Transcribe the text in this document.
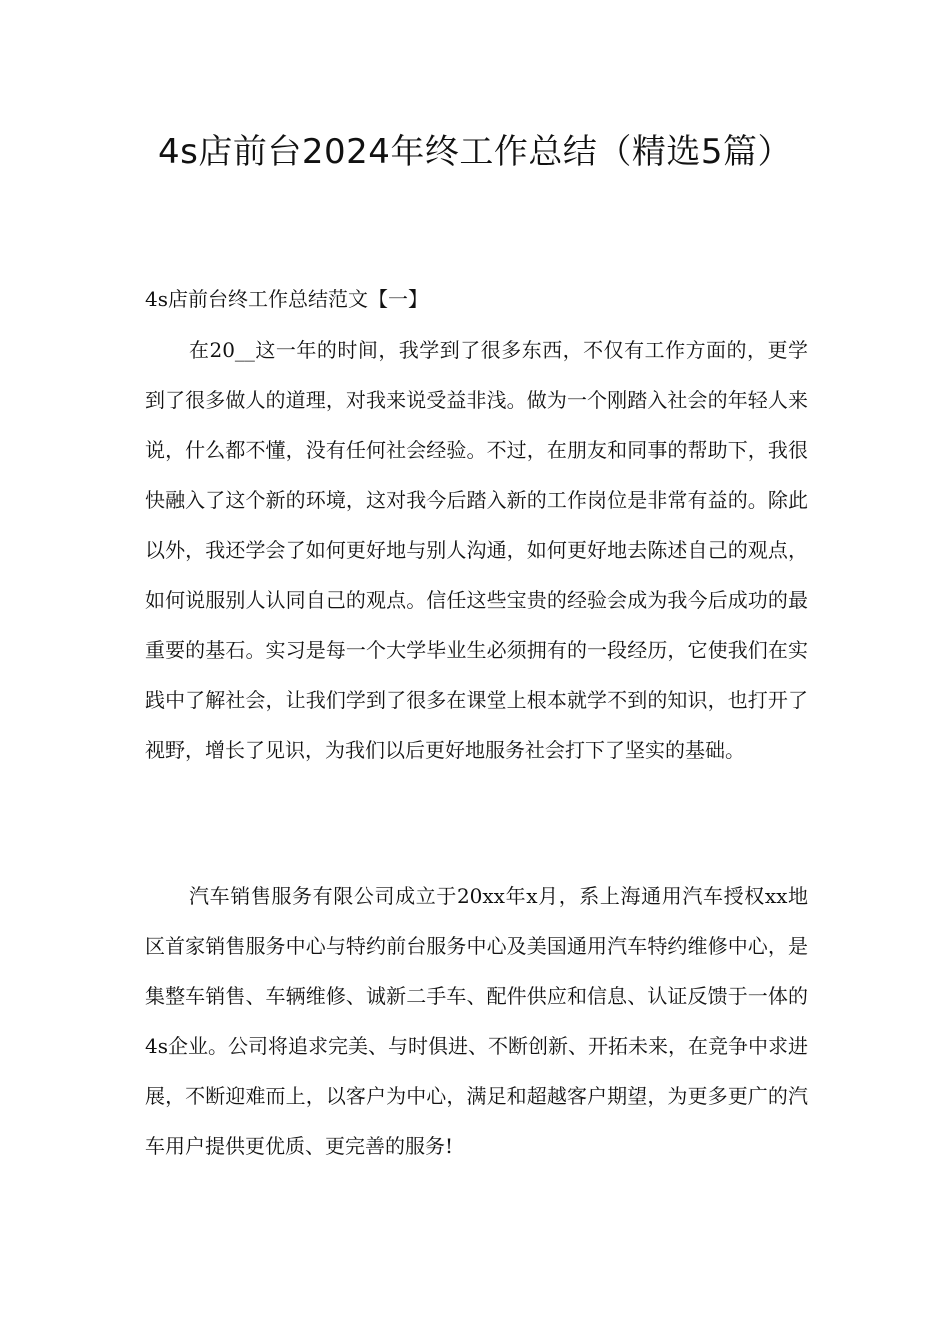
4s店前台2024年终工作总结（精选5篇）

4s店前台终工作总结范文【一】

在20__这一年的时间，我学到了很多东西，不仅有工作方面的，更学到了很多做人的道理，对我来说受益非浅。做为一个刚踏入社会的年轻人来说，什么都不懂，没有任何社会经验。不过，在朋友和同事的帮助下，我很快融入了这个新的环境，这对我今后踏入新的工作岗位是非常有益的。除此以外，我还学会了如何更好地与别人沟通，如何更好地去陈述自己的观点，如何说服别人认同自己的观点。信任这些宝贵的经验会成为我今后成功的最重要的基石。实习是每一个大学毕业生必须拥有的一段经历，它使我们在实践中了解社会，让我们学到了很多在课堂上根本就学不到的知识，也打开了视野，增长了见识，为我们以后更好地服务社会打下了坚实的基础。

汽车销售服务有限公司成立于20xx年x月，系上海通用汽车授权xx地区首家销售服务中心与特约前台服务中心及美国通用汽车特约维修中心，是集整车销售、车辆维修、诚新二手车、配件供应和信息、认证反馈于一体的4s企业。公司将追求完美、与时俱进、不断创新、开拓未来，在竞争中求进展，不断迎难而上，以客户为中心，满足和超越客户期望，为更多更广的汽车用户提供更优质、更完善的服务!
